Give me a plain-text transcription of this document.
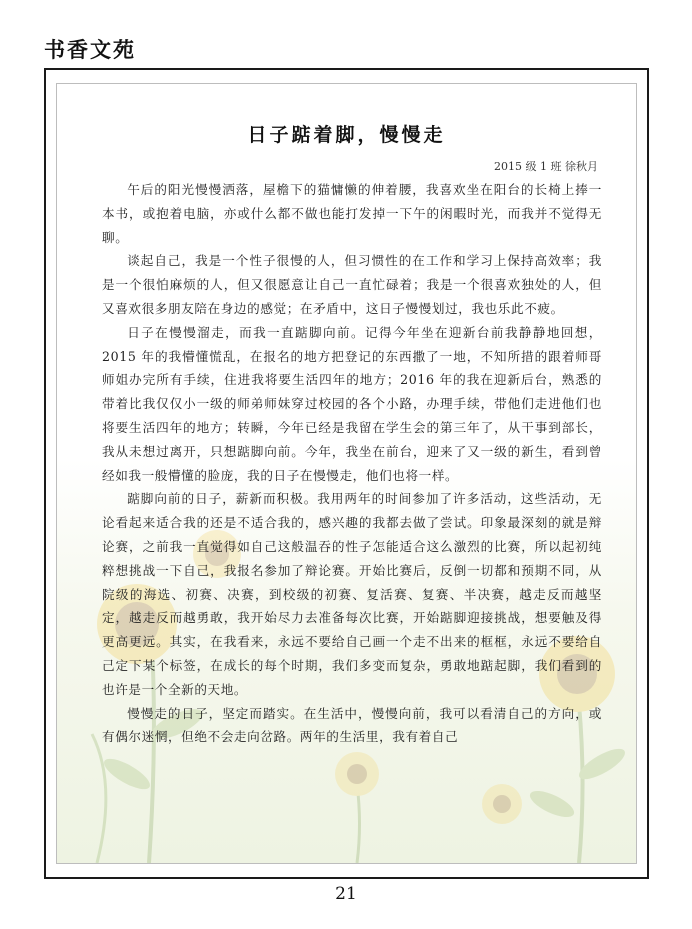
书香文苑
日子踮着脚，慢慢走
2015 级 1 班 徐秋月

午后的阳光慢慢洒落，屋檐下的猫慵懒的伸着腰，我喜欢坐在阳台的长椅上捧一本书，或抱着电脑，亦或什么都不做也能打发掉一下午的闲暇时光，而我并不觉得无聊。

谈起自己，我是一个性子很慢的人，但习惯性的在工作和学习上保持高效率；我是一个很怕麻烦的人，但又很愿意让自己一直忙碌着；我是一个很喜欢独处的人，但又喜欢很多朋友陪在身边的感觉；在矛盾中，这日子慢慢划过，我也乐此不疲。

日子在慢慢溜走，而我一直踮脚向前。记得今年坐在迎新台前我静静地回想，2015 年的我懵懂慌乱，在报名的地方把登记的东西撒了一地，不知所措的跟着师哥师姐办完所有手续，住进我将要生活四年的地方；2016 年的我在迎新后台，熟悉的带着比我仅仅小一级的师弟师妹穿过校园的各个小路，办理手续，带他们走进他们也将要生活四年的地方；转瞬，今年已经是我留在学生会的第三年了，从干事到部长，我从未想过离开，只想踮脚向前。今年，我坐在前台，迎来了又一级的新生，看到曾经如我一般懵懂的脸庞，我的日子在慢慢走，他们也将一样。

踮脚向前的日子，薪新而积极。我用两年的时间参加了许多活动，这些活动，无论看起来适合我的还是不适合我的，感兴趣的我都去做了尝试。印象最深刻的就是辩论赛，之前我一直觉得如自己这般温吞的性子怎能适合这么激烈的比赛，所以起初纯粹想挑战一下自己，我报名参加了辩论赛。开始比赛后，反倒一切都和预期不同，从院级的海选、初赛、决赛，到校级的初赛、复活赛、复赛、半决赛，越走反而越坚定，越走反而越勇敢，我开始尽力去准备每次比赛，开始踮脚迎接挑战，想要触及得更高更远。其实，在我看来，永远不要给自己画一个走不出来的框框，永远不要给自己定下某个标签，在成长的每个时期，我们多变而复杂，勇敢地踮起脚，我们看到的也许是一个全新的天地。

慢慢走的日子，坚定而踏实。在生活中，慢慢向前，我可以看清自己的方向，或有偶尔迷惘，但绝不会走向岔路。两年的生活里，我有着自己

21
